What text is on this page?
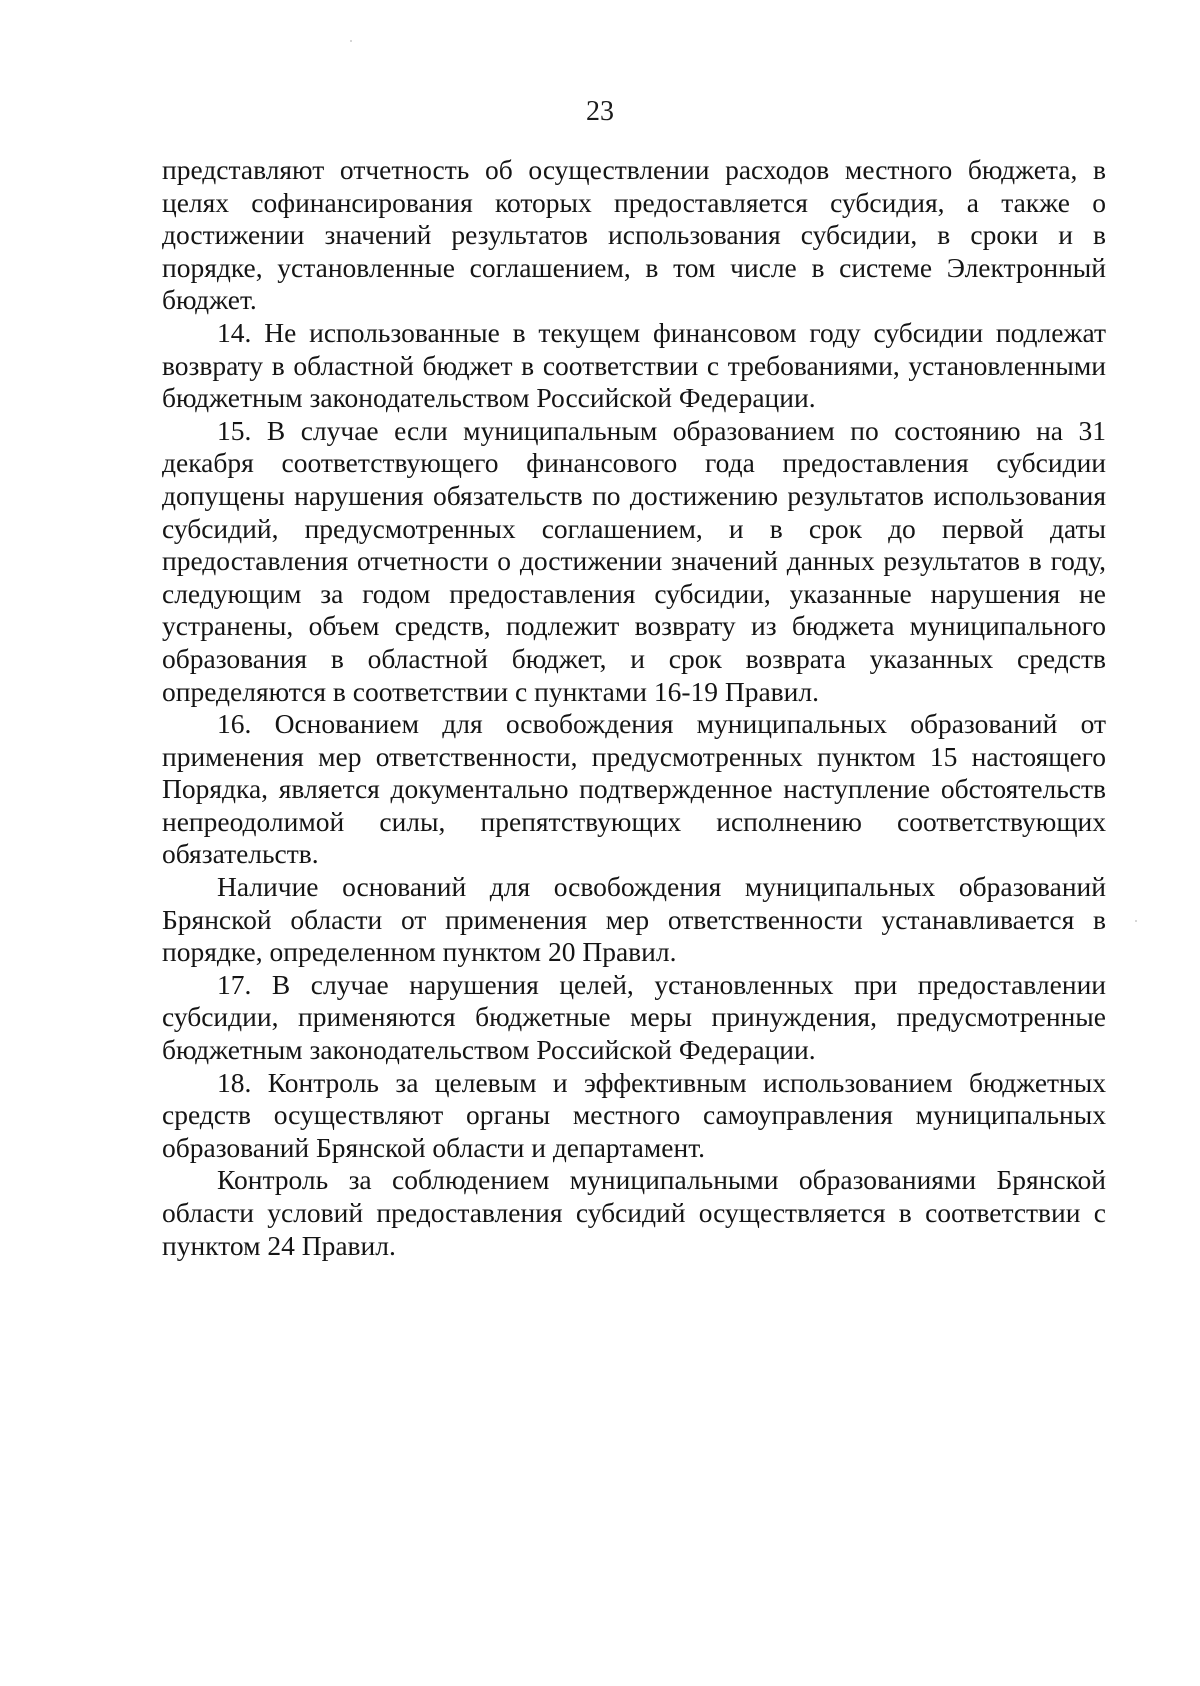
23

представляют отчетность об осуществлении расходов местного бюджета, в целях софинансирования которых предоставляется субсидия, а также о достижении значений результатов использования субсидии, в сроки и в порядке, установленные соглашением, в том числе в системе Электронный бюджет.

14. Не использованные в текущем финансовом году субсидии подлежат возврату в областной бюджет в соответствии с требованиями, установленными бюджетным законодательством Российской Федерации.

15. В случае если муниципальным образованием по состоянию на 31 декабря соответствующего финансового года предоставления субсидии допущены нарушения обязательств по достижению результатов использования субсидий, предусмотренных соглашением, и в срок до первой даты предоставления отчетности о достижении значений данных результатов в году, следующим за годом предоставления субсидии, указанные нарушения не устранены, объем средств, подлежит возврату из бюджета муниципального образования в областной бюджет, и срок возврата указанных средств определяются в соответствии с пунктами 16-19 Правил.

16. Основанием для освобождения муниципальных образований от применения мер ответственности, предусмотренных пунктом 15 настоящего Порядка, является документально подтвержденное наступление обстоятельств непреодолимой силы, препятствующих исполнению соответствующих обязательств.

Наличие оснований для освобождения муниципальных образований Брянской области от применения мер ответственности устанавливается в порядке, определенном пунктом 20 Правил.

17. В случае нарушения целей, установленных при предоставлении субсидии, применяются бюджетные меры принуждения, предусмотренные бюджетным законодательством Российской Федерации.

18. Контроль за целевым и эффективным использованием бюджетных средств осуществляют органы местного самоуправления муниципальных образований Брянской области и департамент.

Контроль за соблюдением муниципальными образованиями Брянской области условий предоставления субсидий осуществляется в соответствии с пунктом 24 Правил.
